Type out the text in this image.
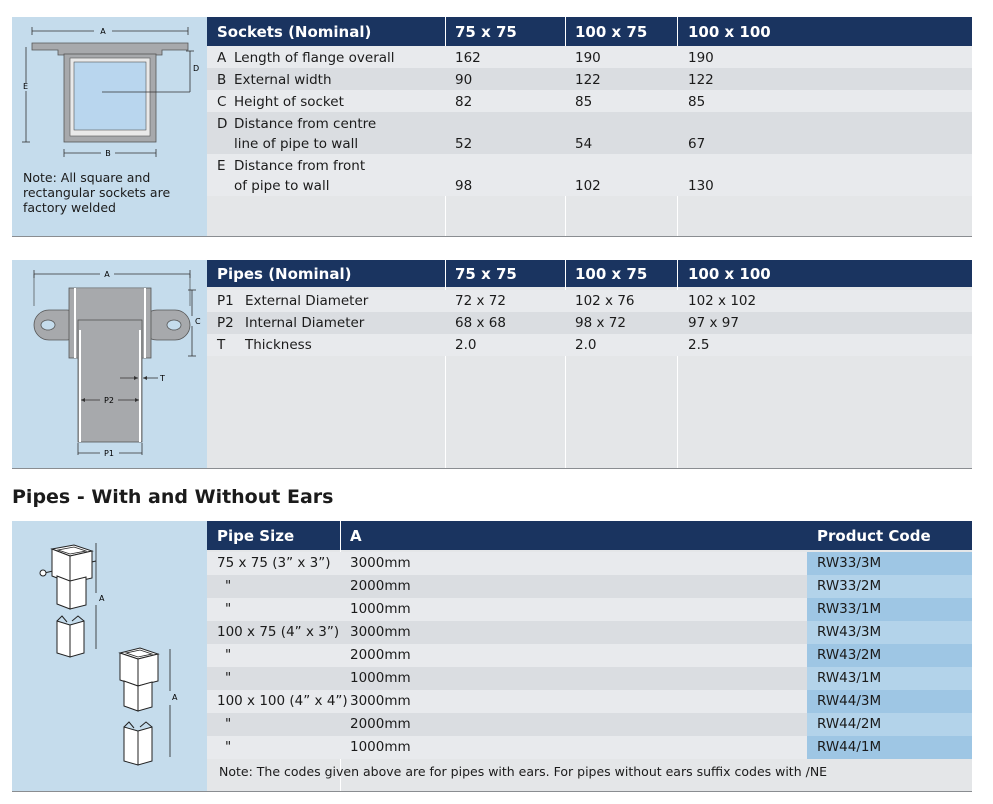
A
D
E
B
Note: All square and rectangular sockets are factory welded
Sockets (Nominal)	75 x 75	100 x 75	100 x 100
A Length of flange overall	162	190	190
B External width	90	122	122
C Height of socket	82	85	85
D Distance from centre
line of pipe to wall	52	54	67
E Distance from front
of pipe to wall	98	102	130
A
C
T
P2
P1
Pipes (Nominal)	75 x 75	100 x 75	100 x 100
P1 External Diameter	72 x 72	102 x 76	102 x 102
P2 Internal Diameter	68 x 68	98 x 72	97 x 97
T Thickness	2.0	2.0	2.5
Pipes - With and Without Ears
A
A
Pipe Size	A	Product Code
75 x 75 (3” x 3”) 3000mm	RW33/3M
"	2000mm	RW33/2M
"	1000mm	RW33/1M
100 x 75 (4” x 3”) 3000mm	RW43/3M
"	2000mm	RW43/2M
"	1000mm	RW43/1M
100 x 100 (4” x 4”) 3000mm	RW44/3M
"	2000mm	RW44/2M
"	1000mm	RW44/1M
Note: The codes given above are for pipes with ears. For pipes without ears suffix codes with /NE
